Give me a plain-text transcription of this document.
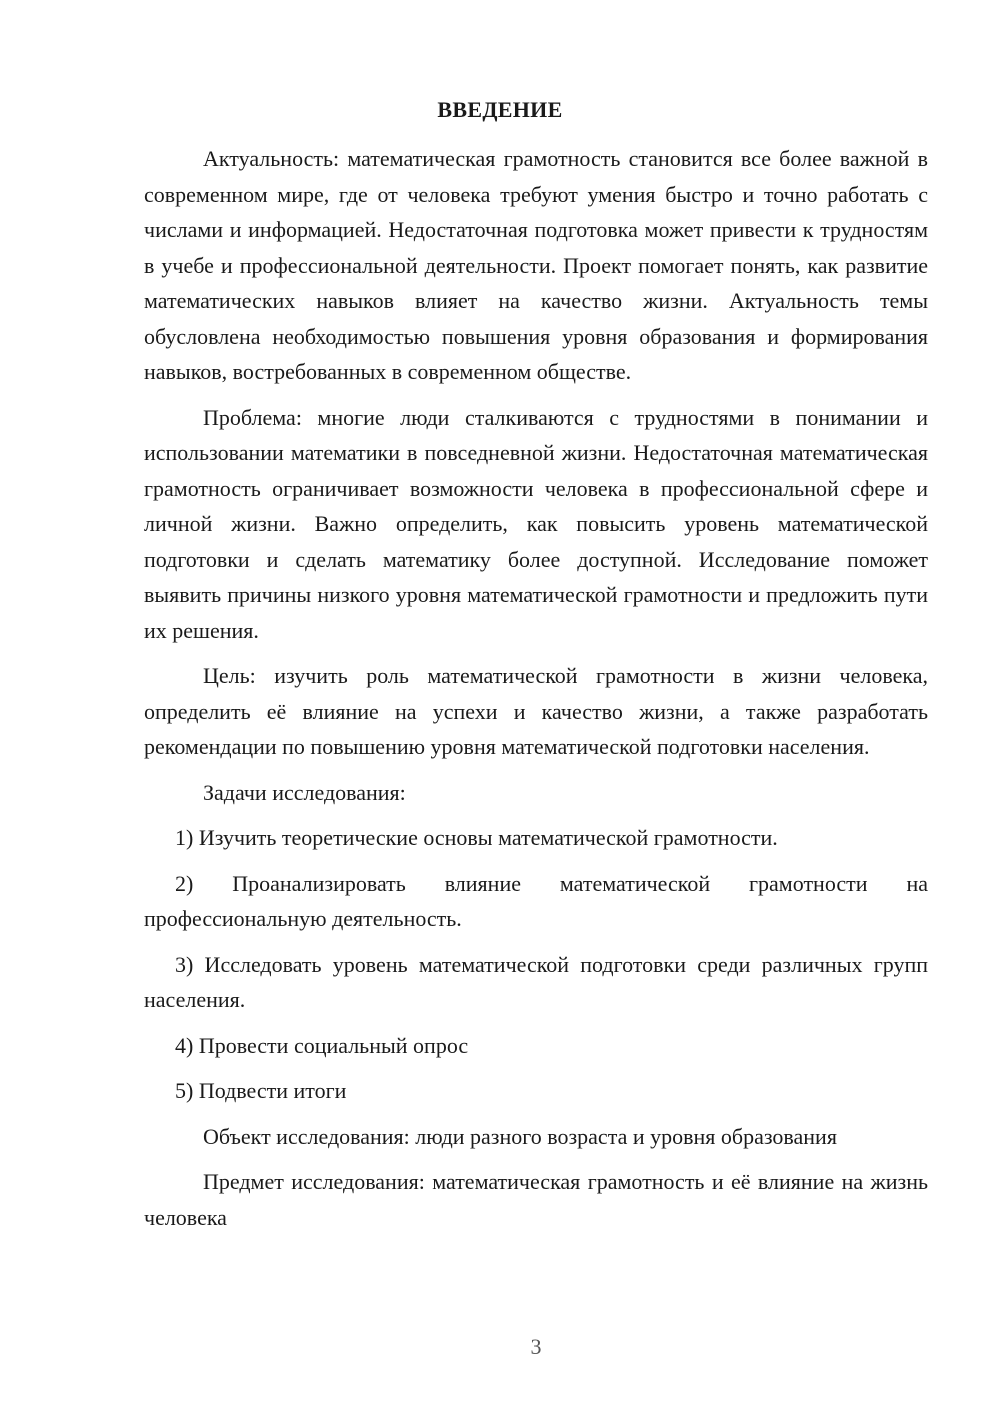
ВВЕДЕНИЕ

Актуальность: математическая грамотность становится все более важной в современном мире, где от человека требуют умения быстро и точно работать с числами и информацией. Недостаточная подготовка может привести к трудностям в учебе и профессиональной деятельности. Проект помогает понять, как развитие математических навыков влияет на качество жизни. Актуальность темы обусловлена необходимостью повышения уровня образования и формирования навыков, востребованных в современном обществе.

Проблема: многие люди сталкиваются с трудностями в понимании и использовании математики в повседневной жизни. Недостаточная математическая грамотность ограничивает возможности человека в профессиональной сфере и личной жизни. Важно определить, как повысить уровень математической подготовки и сделать математику более доступной. Исследование поможет выявить причины низкого уровня математической грамотности и предложить пути их решения.

Цель: изучить роль математической грамотности в жизни человека, определить её влияние на успехи и качество жизни, а также разработать рекомендации по повышению уровня математической подготовки населения.

Задачи исследования:

1) Изучить теоретические основы математической грамотности.

2) Проанализировать влияние математической грамотности на профессиональную деятельность.

3) Исследовать уровень математической подготовки среди различных групп населения.

4) Провести социальный опрос

5) Подвести итоги

Объект исследования: люди разного возраста и уровня образования

Предмет исследования: математическая грамотность и её влияние на жизнь человека

3
